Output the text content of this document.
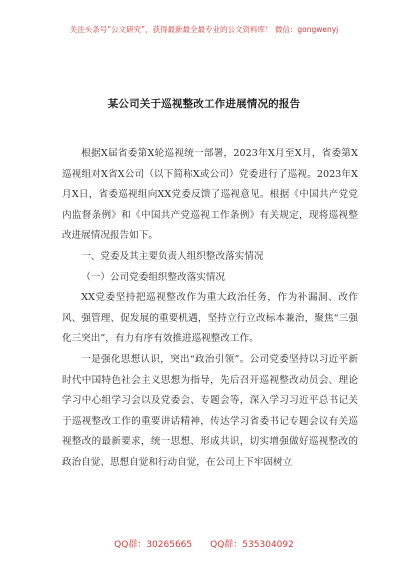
关注头条号“公文研究”，获得最新最全最专业的公文资料库！ 微信：gongwenyj
某公司关于巡视整改工作进展情况的报告

根据X届省委第X轮巡视统一部署，2023年X月至X月，省委第X巡视组对X省X公司（以下简称X或公司）党委进行了巡视。2023年X月X日，省委巡视组向XX党委反馈了巡视意见。根据《中国共产党党内监督条例》和《中国共产党巡视工作条例》有关规定，现将巡视整改进展情况报告如下。

一、党委及其主要负责人组织整改落实情况

（一）公司党委组织整改落实情况

XX党委坚持把巡视整改作为重大政治任务，作为补漏洞、改作风、强管理、促发展的重要机遇，坚持立行立改标本兼治，聚焦“三强化三突出”，有力有序有效推进巡视整改工作。

一是强化思想认识，突出“政治引领”。公司党委坚持以习近平新时代中国特色社会主义思想为指导，先后召开巡视整改动员会、理论学习中心组学习会以及党委会、专题会等，深入学习习近平总书记关于巡视整改工作的重要讲话精神，传达学习省委书记专题会议有关巡视整改的最新要求，统一思想、形成共识，切实增强做好巡视整改的政治自觉、思想自觉和行动自觉，在公司上下牢固树立

QQ群：30265665 QQ群：535304092
